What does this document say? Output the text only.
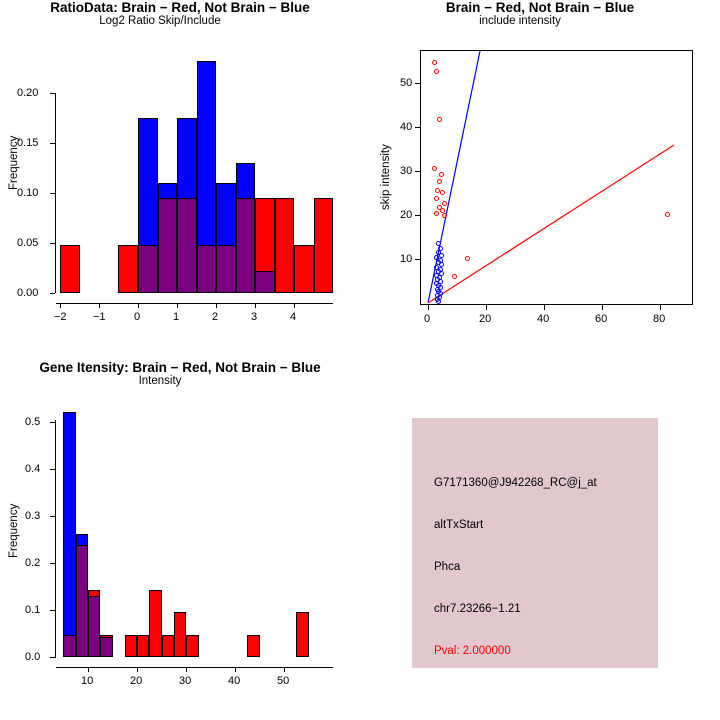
RatioData: Brain − Red, Not Brain − Blue
Frequency
Log2 Ratio Skip/Include
0.00
0.05
0.10
0.15
0.20
−2 −1	0	1	2	3	4
Brain − Red, Not Brain − Blue
skip intensity
include intensity
10
20
30
40
50
0	20	40	60	80
Gene Itensity: Brain − Red, Not Brain − Blue
Frequency
Intensity
0.0
0.1
0.2
0.3
0.4
0.5
10	20	30	40	50
G7171360@J942268_RC@j_at
altTxStart
Phca
chr7.23266−1.21
Pval: 2.000000
